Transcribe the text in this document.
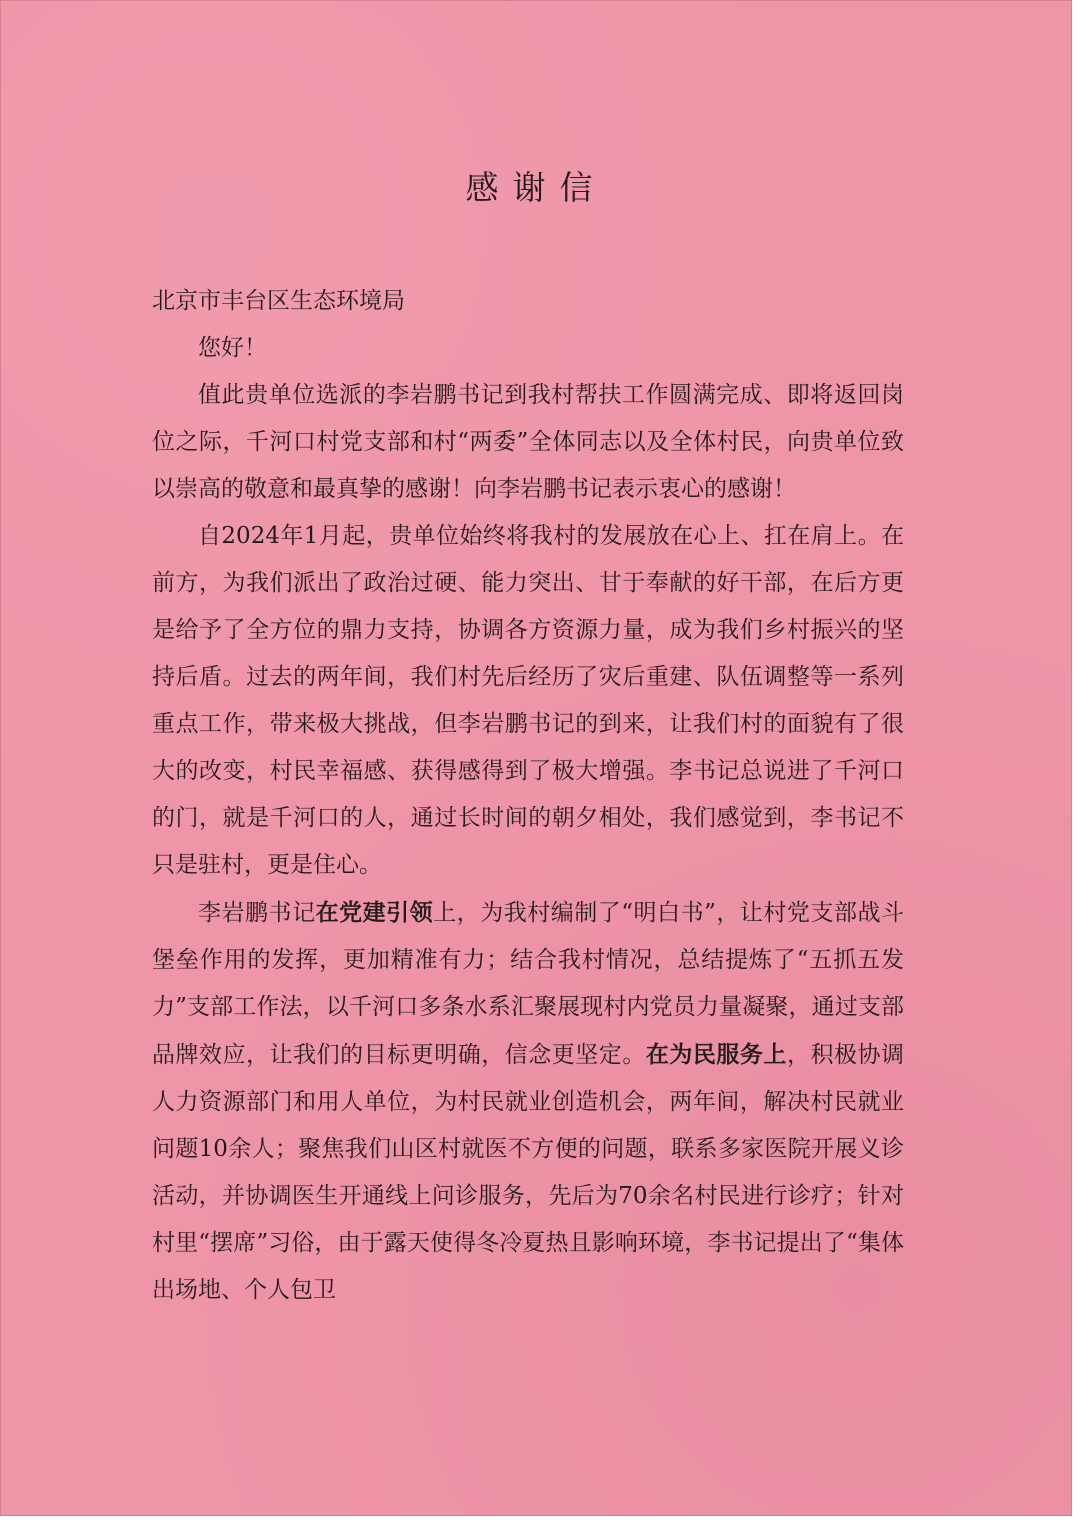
感谢信

北京市丰台区生态环境局

您好！

值此贵单位选派的李岩鹏书记到我村帮扶工作圆满完成、即将返回岗位之际，千河口村党支部和村“两委”全体同志以及全体村民，向贵单位致以崇高的敬意和最真挚的感谢！向李岩鹏书记表示衷心的感谢！

自2024年1月起，贵单位始终将我村的发展放在心上、扛在肩上。在前方，为我们派出了政治过硬、能力突出、甘于奉献的好干部，在后方更是给予了全方位的鼎力支持，协调各方资源力量，成为我们乡村振兴的坚持后盾。过去的两年间，我们村先后经历了灾后重建、队伍调整等一系列重点工作，带来极大挑战，但李岩鹏书记的到来，让我们村的面貌有了很大的改变，村民幸福感、获得感得到了极大增强。李书记总说进了千河口的门，就是千河口的人，通过长时间的朝夕相处，我们感觉到，李书记不只是驻村，更是住心。

李岩鹏书记在党建引领上，为我村编制了“明白书”，让村党支部战斗堡垒作用的发挥，更加精准有力；结合我村情况，总结提炼了“五抓五发力”支部工作法，以千河口多条水系汇聚展现村内党员力量凝聚，通过支部品牌效应，让我们的目标更明确，信念更坚定。在为民服务上，积极协调人力资源部门和用人单位，为村民就业创造机会，两年间，解决村民就业问题10余人；聚焦我们山区村就医不方便的问题，联系多家医院开展义诊活动，并协调医生开通线上问诊服务，先后为70余名村民进行诊疗；针对村里“摆席”习俗，由于露天使得冬冷夏热且影响环境，李书记提出了“集体出场地、个人包卫
